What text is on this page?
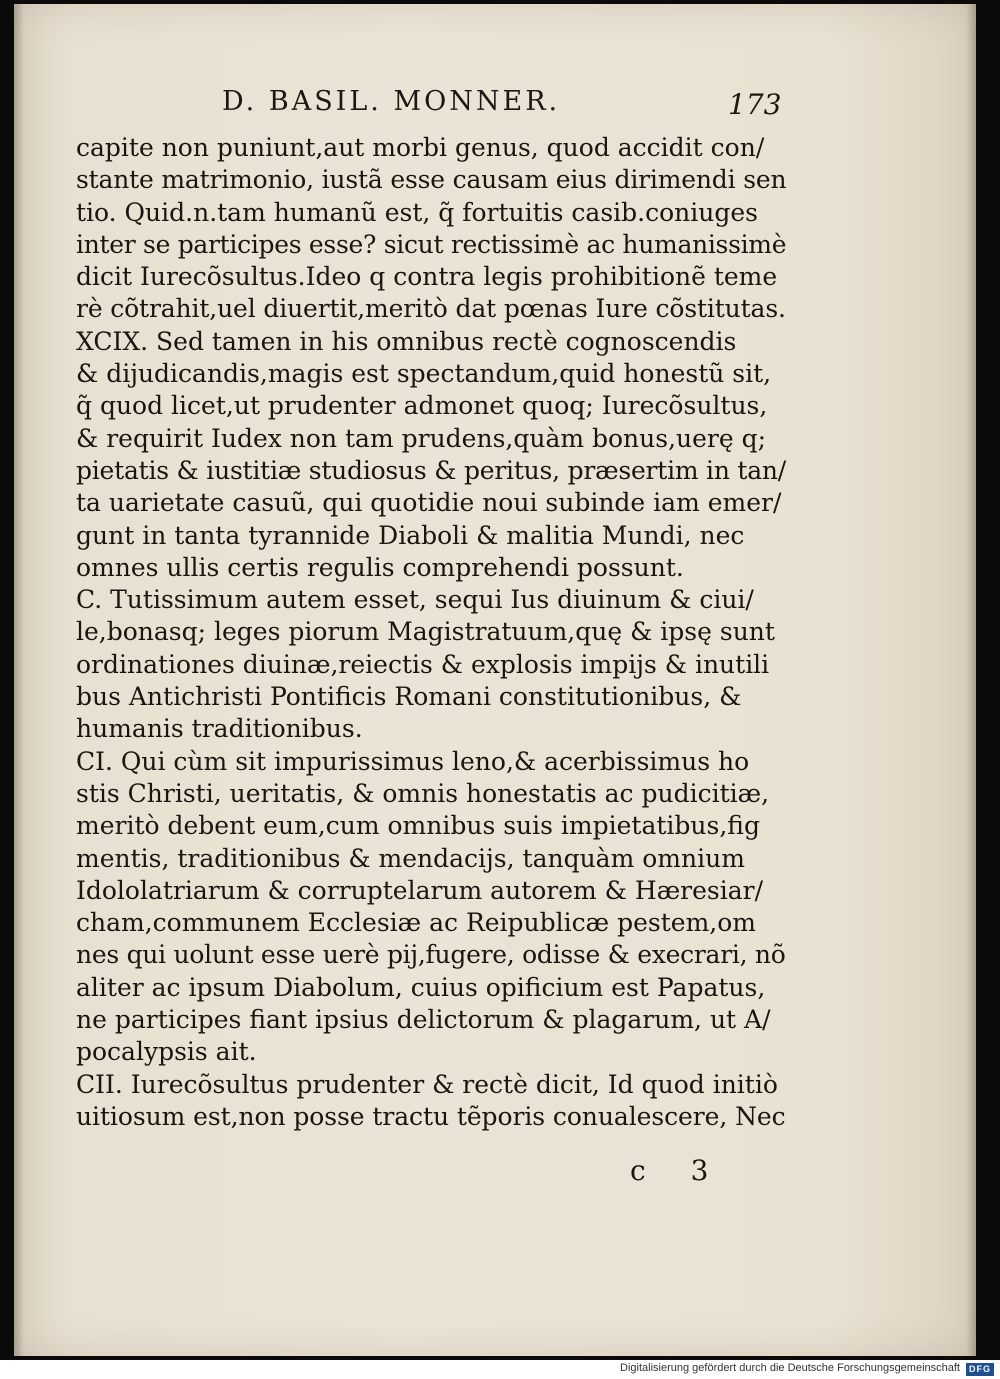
D. BASIL. MONNER.	173
capite non puniunt,aut morbi genus, quod accidit con/
stante matrimonio, iustã esse causam eius dirimendi sen
tio. Quid.n.tam humanũ est, q̃ fortuitis casib.coniuges
inter se participes esse? sicut rectissimè ac humanissimè
dicit Iurecõsultus.Ideo q contra legis prohibitionẽ teme
rè cõtrahit,uel diuertit,meritò dat pœnas Iure cõstitutas.
XCIX. Sed tamen in his omnibus rectè cognoscendis
& dijudicandis,magis est spectandum,quid honestũ sit,
q̃ quod licet,ut prudenter admonet quoq; Iurecõsultus,
& requirit Iudex non tam prudens,quàm bonus,uerę q;
pietatis & iustitiæ studiosus & peritus, præsertim in tan/
ta uarietate casuũ, qui quotidie noui subinde iam emer/
gunt in tanta tyrannide Diaboli & malitia Mundi, nec
omnes ullis certis regulis comprehendi possunt.
C. Tutissimum autem esset, sequi Ius diuinum & ciui/
le,bonasq; leges piorum Magistratuum,quę & ipsę sunt
ordinationes diuinæ,reiectis & explosis impijs & inutili
bus Antichristi Pontificis Romani constitutionibus, &
humanis traditionibus.
CI. Qui cùm sit impurissimus leno,& acerbissimus ho
stis Christi, ueritatis, & omnis honestatis ac pudicitiæ,
meritò debent eum,cum omnibus suis impietatibus,fig
mentis, traditionibus & mendacijs, tanquàm omnium
Idololatriarum & corruptelarum autorem & Hæresiar/
cham,communem Ecclesiæ ac Reipublicæ pestem,om
nes qui uolunt esse uerè pij,fugere, odisse & execrari, nõ
aliter ac ipsum Diabolum, cuius opificium est Papatus,
ne participes fiant ipsius delictorum & plagarum, ut A/
pocalypsis ait.
CII. Iurecõsultus prudenter & rectè dicit, Id quod initiò
uitiosum est,non posse tractu tẽporis conualescere, Nec
c 3
Digitalisierung gefördert durch die Deutsche Forschungsgemeinschaft	DFG
